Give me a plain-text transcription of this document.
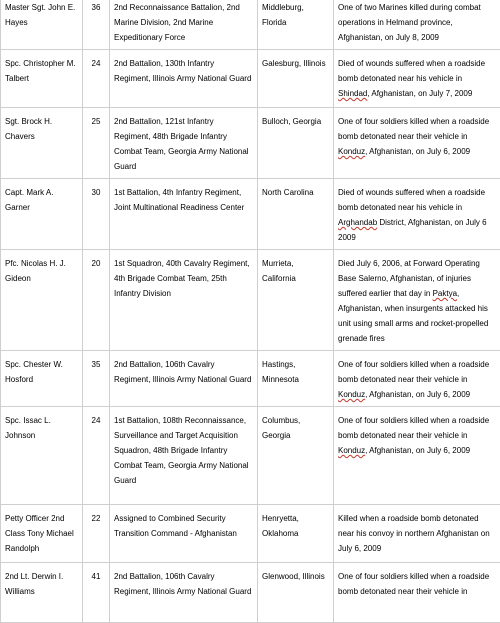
Master Sgt. John E. Hayes	36	2nd Reconnaissance Battalion, 2nd Marine Division, 2nd Marine Expeditionary Force	Middleburg, Florida	One of two Marines killed during combat operations in Helmand province, Afghanistan, on July 8, 2009
Spc. Christopher M. Talbert	24	2nd Battalion, 130th Infantry Regiment, Illinois Army National Guard	Galesburg, Illinois	Died of wounds suffered when a roadside bomb detonated near his vehicle in Shindad, Afghanistan, on July 7, 2009
Sgt. Brock H. Chavers	25	2nd Battalion, 121st Infantry Regiment, 48th Brigade Infantry Combat Team, Georgia Army National Guard	Bulloch, Georgia	One of four soldiers killed when a roadside bomb detonated near their vehicle in Konduz, Afghanistan, on July 6, 2009
Capt. Mark A. Garner	30	1st Battalion, 4th Infantry Regiment, Joint Multinational Readiness Center	North Carolina	Died of wounds suffered when a roadside bomb detonated near his vehicle in Arghandab District, Afghanistan, on July 6 2009
Pfc. Nicolas H. J. Gideon	20	1st Squadron, 40th Cavalry Regiment, 4th Brigade Combat Team, 25th Infantry Division	Murrieta, California	Died July 6, 2006, at Forward Operating Base Salerno, Afghanistan, of injuries suffered earlier that day in Paktya, Afghanistan, when insurgents attacked his unit using small arms and rocket-propelled grenade fires
Spc. Chester W. Hosford	35	2nd Battalion, 106th Cavalry Regiment, Illinois Army National Guard	Hastings, Minnesota	One of four soldiers killed when a roadside bomb detonated near their vehicle in Konduz, Afghanistan, on July 6, 2009
Spc. Issac L. Johnson	24	1st Battalion, 108th Reconnaissance, Surveillance and Target Acquisition Squadron, 48th Brigade Infantry Combat Team, Georgia Army National Guard	Columbus, Georgia	One of four soldiers killed when a roadside bomb detonated near their vehicle in Konduz, Afghanistan, on July 6, 2009
Petty Officer 2nd Class Tony Michael Randolph	22	Assigned to Combined Security Transition Command - Afghanistan	Henryetta, Oklahoma	Killed when a roadside bomb detonated near his convoy in northern Afghanistan on July 6, 2009
2nd Lt. Derwin I. Williams	41	2nd Battalion, 106th Cavalry Regiment, Illinois Army National Guard	Glenwood, Illinois	One of four soldiers killed when a roadside bomb detonated near their vehicle in
